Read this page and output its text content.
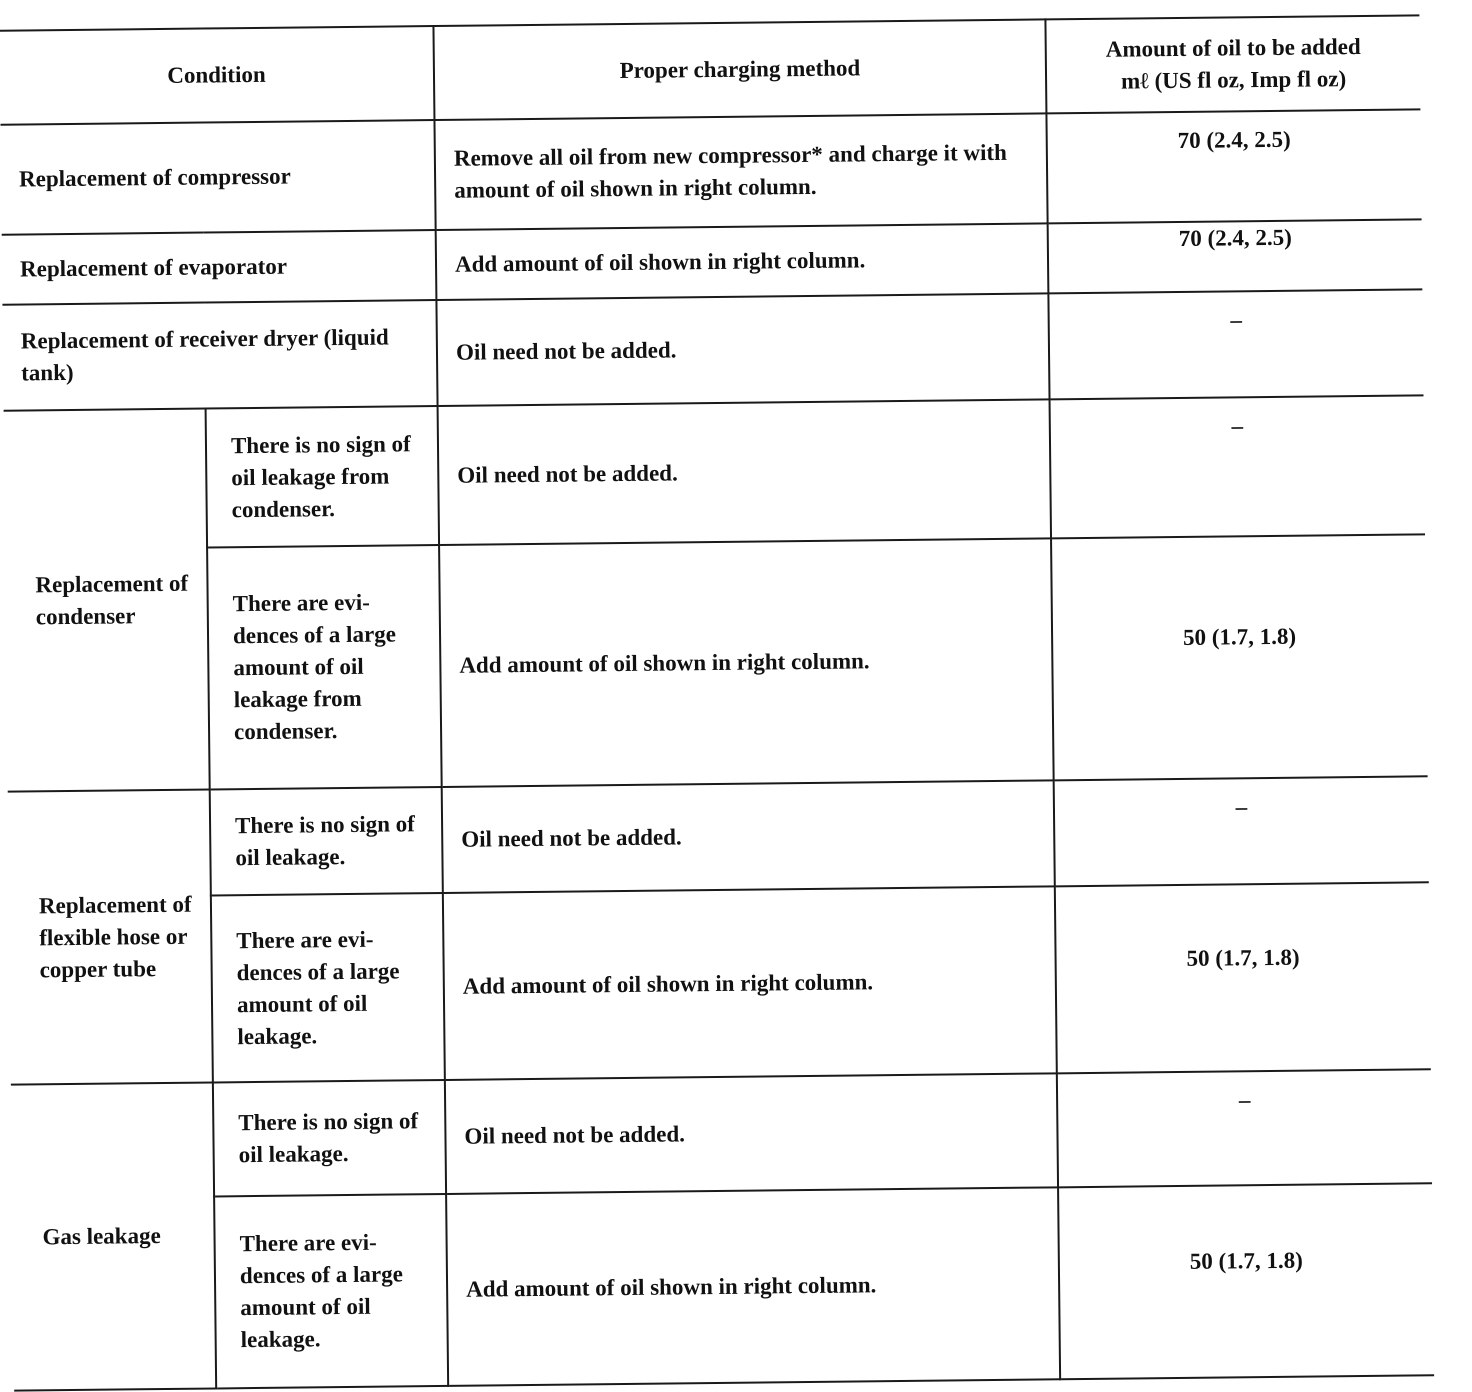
Condition		Proper charging method	Amount of oil to be added
mℓ (US fl oz, Imp fl oz)

Replacement of compressor		Remove all oil from new compressor* and charge it with amount of oil shown in right column.	70 (2.4, 2.5)
Replacement of evaporator		Add amount of oil shown in right column.	70 (2.4, 2.5)
Replacement of receiver dryer (liquid tank)		Oil need not be added.	–
Replacement of condenser	There is no sign of oil leakage from condenser.	Oil need not be added.	–
	There are evi-dences of a large amount of oil leakage from condenser.	Add amount of oil shown in right column.	50 (1.7, 1.8)
Replacement of flexible hose or copper tube	There is no sign of oil leakage.	Oil need not be added.	–
	There are evi-dences of a large amount of oil leakage.	Add amount of oil shown in right column.	50 (1.7, 1.8)
Gas leakage	There is no sign of oil leakage.	Oil need not be added.	–
	There are evi-dences of a large amount of oil leakage.	Add amount of oil shown in right column.	50 (1.7, 1.8)
